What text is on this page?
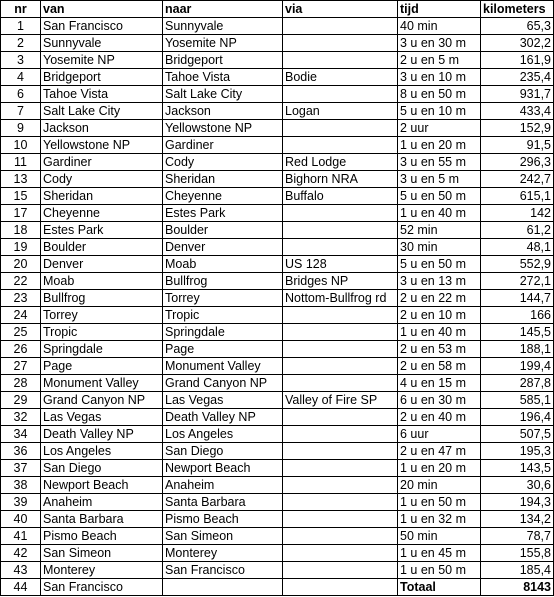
nr	van	naar	via	tijd	kilometers
1	San Francisco	Sunnyvale		40 min	65,3
2	Sunnyvale	Yosemite NP		3 u en 30 m	302,2
3	Yosemite NP	Bridgeport		2 u en 5 m	161,9
4	Bridgeport	Tahoe Vista	Bodie	3 u en 10 m	235,4
6	Tahoe Vista	Salt Lake City		8 u en 50 m	931,7
7	Salt Lake City	Jackson	Logan	5 u en 10 m	433,4
9	Jackson	Yellowstone NP		2 uur	152,9
10	Yellowstone NP	Gardiner		1 u en 20 m	91,5
11	Gardiner	Cody	Red Lodge	3 u en 55 m	296,3
13	Cody	Sheridan	Bighorn NRA	3 u en 5 m	242,7
15	Sheridan	Cheyenne	Buffalo	5 u en 50 m	615,1
17	Cheyenne	Estes Park		1 u en 40 m	142
18	Estes Park	Boulder		52 min	61,2
19	Boulder	Denver		30 min	48,1
20	Denver	Moab	US 128	5 u en 50 m	552,9
22	Moab	Bullfrog	Bridges NP	3 u en 13 m	272,1
23	Bullfrog	Torrey	Nottom-Bullfrog rd	2 u en 22 m	144,7
24	Torrey	Tropic		2 u en 10 m	166
25	Tropic	Springdale		1 u en 40 m	145,5
26	Springdale	Page		2 u en 53 m	188,1
27	Page	Monument Valley		2 u en 58 m	199,4
28	Monument Valley	Grand Canyon NP		4 u en 15 m	287,8
29	Grand Canyon NP	Las Vegas	Valley of Fire SP	6 u en 30 m	585,1
32	Las Vegas	Death Valley NP		2 u en 40 m	196,4
34	Death Valley NP	Los Angeles		6 uur	507,5
36	Los Angeles	San Diego		2 u en 47 m	195,3
37	San Diego	Newport Beach		1 u en 20 m	143,5
38	Newport Beach	Anaheim		20 min	30,6
39	Anaheim	Santa Barbara		1 u en 50 m	194,3
40	Santa Barbara	Pismo Beach		1 u en 32 m	134,2
41	Pismo Beach	San Simeon		50 min	78,7
42	San Simeon	Monterey		1 u en 45 m	155,8
43	Monterey	San Francisco		1 u en 50 m	185,4
44	San Francisco			Totaal	8143
